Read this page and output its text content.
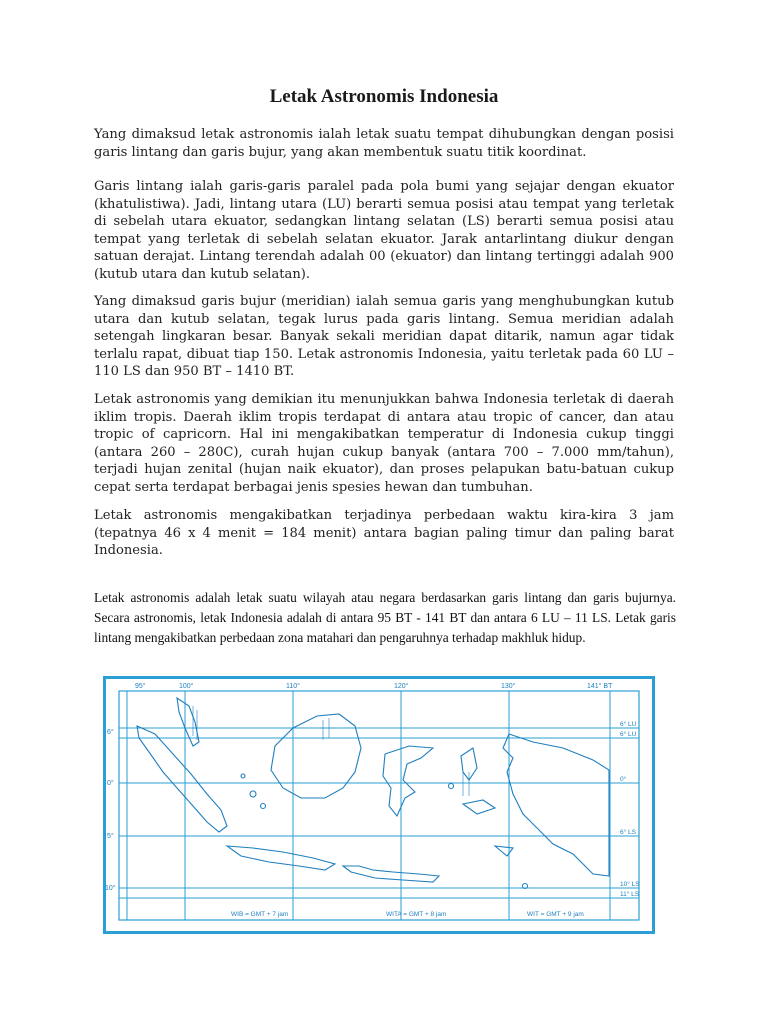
Letak Astronomis Indonesia

Yang dimaksud letak astronomis ialah letak suatu tempat dihubungkan dengan posisi garis lintang dan garis bujur, yang akan membentuk suatu titik koordinat.

Garis lintang ialah garis-garis paralel pada pola bumi yang sejajar dengan ekuator (khatulistiwa). Jadi, lintang utara (LU) berarti semua posisi atau tempat yang terletak di sebelah utara ekuator, sedangkan lintang selatan (LS) berarti semua posisi atau tempat yang terletak di sebelah selatan ekuator. Jarak antarlintang diukur dengan satuan derajat. Lintang terendah adalah 00 (ekuator) dan lintang tertinggi adalah 900 (kutub utara dan kutub selatan).

Yang dimaksud garis bujur (meridian) ialah semua garis yang menghubungkan kutub utara dan kutub selatan, tegak lurus pada garis lintang. Semua meridian adalah setengah lingkaran besar. Banyak sekali meridian dapat ditarik, namun agar tidak terlalu rapat, dibuat tiap 150. Letak astronomis Indonesia, yaitu terletak pada 60 LU – 110 LS dan 950 BT – 1410 BT.

Letak astronomis yang demikian itu menunjukkan bahwa Indonesia terletak di daerah iklim tropis. Daerah iklim tropis terdapat di antara atau tropic of cancer, dan atau tropic of capricorn. Hal ini mengakibatkan temperatur di Indonesia cukup tinggi (antara 260 – 280C), curah hujan cukup banyak (antara 700 – 7.000 mm/tahun), terjadi hujan zenital (hujan naik ekuator), dan proses pelapukan batu-batuan cukup cepat serta terdapat berbagai jenis spesies hewan dan tumbuhan.

Letak astronomis mengakibatkan terjadinya perbedaan waktu kira-kira 3 jam (tepatnya 46 x 4 menit = 184 menit) antara bagian paling timur dan paling barat Indonesia.

Letak astronomis adalah letak suatu wilayah atau negara berdasarkan garis lintang dan garis bujurnya. Secara astronomis, letak Indonesia adalah di antara 95 BT - 141 BT dan antara 6 LU – 11 LS. Letak garis lintang mengakibatkan perbedaan zona matahari dan pengaruhnya terhadap makhluk hidup.

95°	100°	110°	120°	130°	141° BT
6°
0°
5°
10°
6° LU
6° LU
0°
6° LS
10° LS
11° LS
WIB = GMT + 7 jam	WITA = GMT + 8 jam	WIT = GMT + 9 jam
